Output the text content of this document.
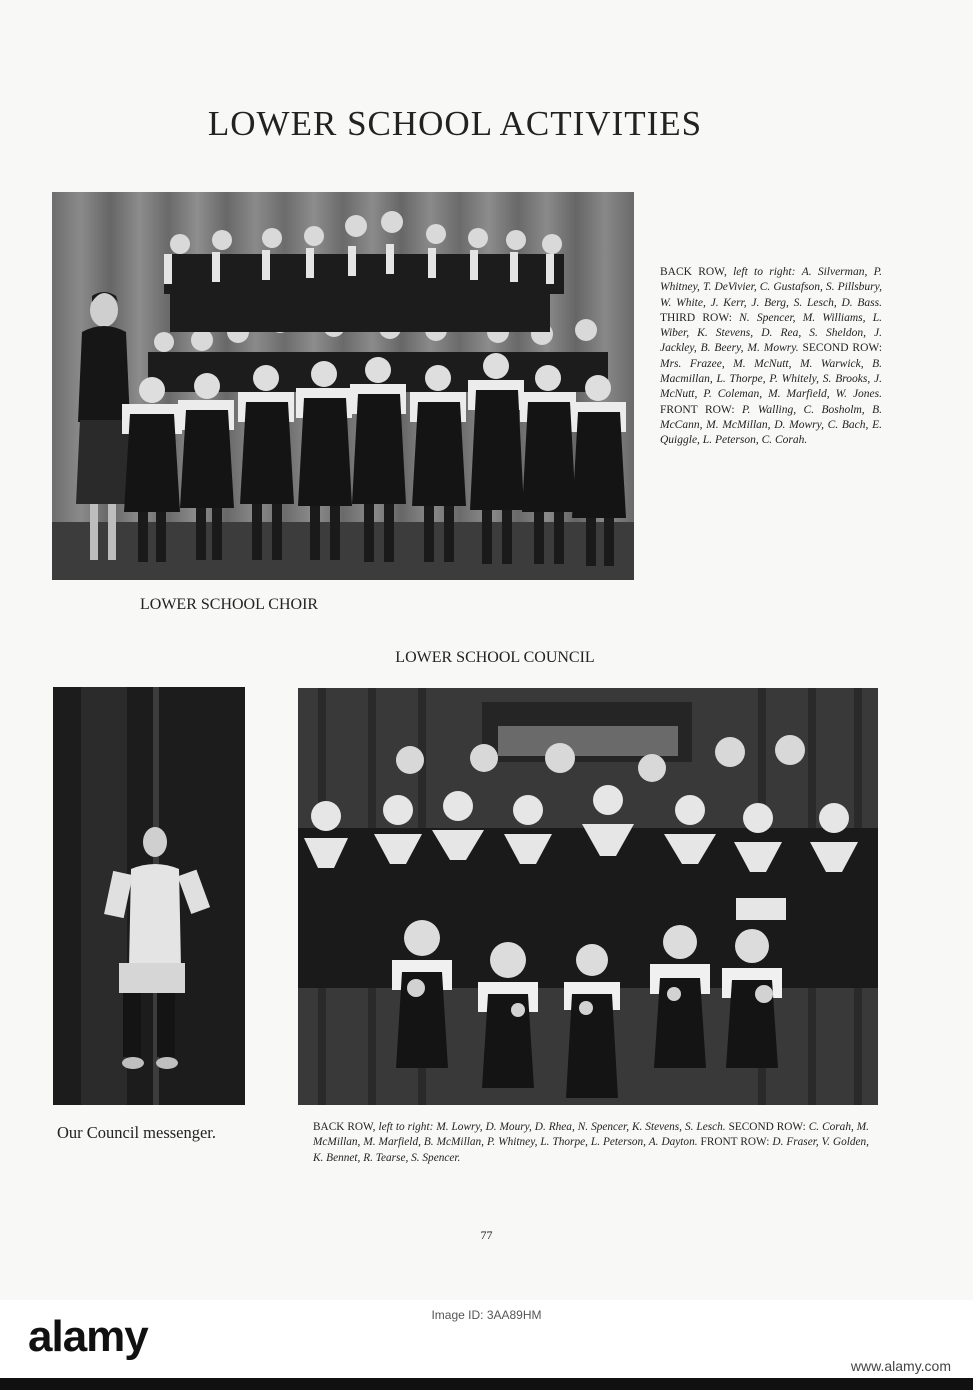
LOWER SCHOOL ACTIVITIES
BACK ROW, left to right: A. Silverman, P. Whitney, T. DeVivier, C. Gustafson, S. Pillsbury, W. White, J. Kerr, J. Berg, S. Lesch, D. Bass. THIRD ROW: N. Spencer, M. Williams, L. Wiber, K. Stevens, D. Rea, S. Sheldon, J. Jackley, B. Beery, M. Mowry. SECOND ROW: Mrs. Frazee, M. McNutt, M. Warwick, B. Macmillan, L. Thorpe, P. Whitely, S. Brooks, J. McNutt, P. Coleman, M. Marfield, W. Jones. FRONT ROW: P. Walling, C. Bosholm, B. McCann, M. McMillan, D. Mowry, C. Bach, E. Quiggle, L. Peterson, C. Corah.
LOWER SCHOOL CHOIR
LOWER SCHOOL COUNCIL
Our Council messenger.	BACK ROW, left to right: M. Lowry, D. Moury, D. Rhea, N. Spencer, K. Stevens, S. Lesch. SECOND ROW: C. Corah, M. McMillan, M. Marfield, B. McMillan, P. Whitney, L. Thorpe, L. Peterson, A. Dayton. FRONT ROW: D. Fraser, V. Golden, K. Bennet, R. Tearse, S. Spencer.
77
alamy	Image ID: 3AA89HM
www.alamy.com
